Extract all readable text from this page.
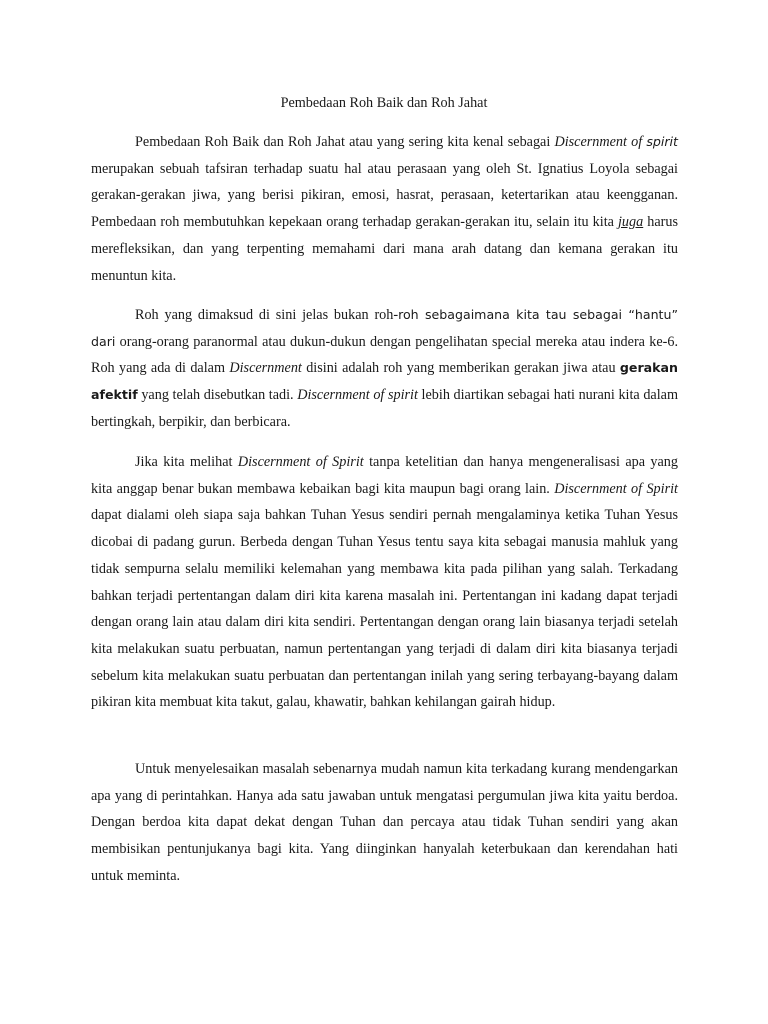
Pembedaan Roh Baik dan Roh Jahat

Pembedaan Roh Baik dan Roh Jahat atau yang sering kita kenal sebagai Discernment of spirit merupakan sebuah tafsiran terhadap suatu hal atau perasaan yang oleh St. Ignatius Loyola sebagai gerakan-gerakan jiwa, yang berisi pikiran, emosi, hasrat, perasaan, ketertarikan atau keengganan. Pembedaan roh membutuhkan kepekaan orang terhadap gerakan-gerakan itu, selain itu kita juga harus merefleksikan, dan yang terpenting memahami dari mana arah datang dan kemana gerakan itu menuntun kita.

Roh yang dimaksud di sini jelas bukan roh-roh sebagaimana kita tau sebagai “hantu” dari orang-orang paranormal atau dukun-dukun dengan pengelihatan special mereka atau indera ke-6. Roh yang ada di dalam Discernment disini adalah roh yang memberikan gerakan jiwa atau gerakan afektif yang telah disebutkan tadi. Discernment of spirit lebih diartikan sebagai hati nurani kita dalam bertingkah, berpikir, dan berbicara.

Jika kita melihat Discernment of Spirit tanpa ketelitian dan hanya mengeneralisasi apa yang kita anggap benar bukan membawa kebaikan bagi kita maupun bagi orang lain. Discernment of Spirit dapat dialami oleh siapa saja bahkan Tuhan Yesus sendiri pernah mengalaminya ketika Tuhan Yesus dicobai di padang gurun. Berbeda dengan Tuhan Yesus tentu saya kita sebagai manusia mahluk yang tidak sempurna selalu memiliki kelemahan yang membawa kita pada pilihan yang salah. Terkadang bahkan terjadi pertentangan dalam diri kita karena masalah ini. Pertentangan ini kadang dapat terjadi dengan orang lain atau dalam diri kita sendiri. Pertentangan dengan orang lain biasanya terjadi setelah kita melakukan suatu perbuatan, namun pertentangan yang terjadi di dalam diri kita biasanya terjadi sebelum kita melakukan suatu perbuatan dan pertentangan inilah yang sering terbayang-bayang dalam pikiran kita membuat kita takut, galau, khawatir, bahkan kehilangan gairah hidup.

Untuk menyelesaikan masalah sebenarnya mudah namun kita terkadang kurang mendengarkan apa yang di perintahkan. Hanya ada satu jawaban untuk mengatasi pergumulan jiwa kita yaitu berdoa. Dengan berdoa kita dapat dekat dengan Tuhan dan percaya atau tidak Tuhan sendiri yang akan membisikan pentunjukanya bagi kita. Yang diinginkan hanyalah keterbukaan dan kerendahan hati untuk meminta.
